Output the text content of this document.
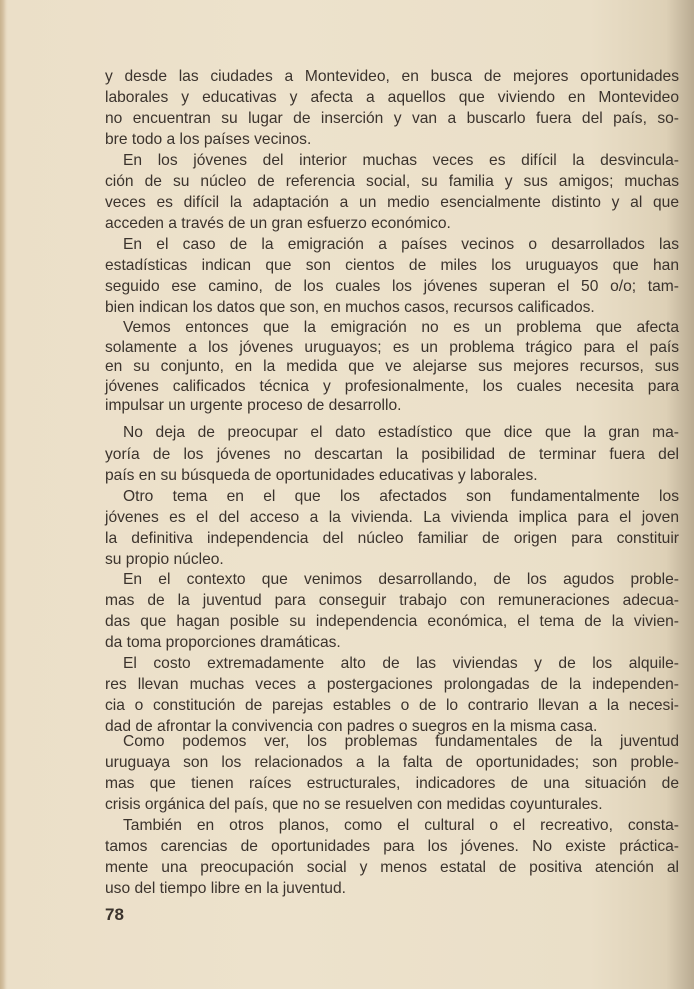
y desde las ciudades a Montevideo, en busca de mejores oportunidades
laborales y educativas y afecta a aquellos que viviendo en Montevideo
no encuentran su lugar de inserción y van a buscarlo fuera del país, so-
bre todo a los países vecinos.
En los jóvenes del interior muchas veces es difícil la desvincula-
ción de su núcleo de referencia social, su familia y sus amigos; muchas
veces es difícil la adaptación a un medio esencialmente distinto y al que
acceden a través de un gran esfuerzo económico.
En el caso de la emigración a países vecinos o desarrollados las
estadísticas indican que son cientos de miles los uruguayos que han
seguido ese camino, de los cuales los jóvenes superan el 50 o/o; tam-
bien indican los datos que son, en muchos casos, recursos calificados.
Vemos entonces que la emigración no es un problema que afecta
solamente a los jóvenes uruguayos; es un problema trágico para el país
en su conjunto, en la medida que ve alejarse sus mejores recursos, sus
jóvenes calificados técnica y profesionalmente, los cuales necesita para
impulsar un urgente proceso de desarrollo.
No deja de preocupar el dato estadístico que dice que la gran ma-
yoría de los jóvenes no descartan la posibilidad de terminar fuera del
país en su búsqueda de oportunidades educativas y laborales.
Otro tema en el que los afectados son fundamentalmente los
jóvenes es el del acceso a la vivienda. La vivienda implica para el joven
la definitiva independencia del núcleo familiar de origen para constituir
su propio núcleo.
En el contexto que venimos desarrollando, de los agudos proble-
mas de la juventud para conseguir trabajo con remuneraciones adecua-
das que hagan posible su independencia económica, el tema de la vivien-
da toma proporciones dramáticas.
El costo extremadamente alto de las viviendas y de los alquile-
res llevan muchas veces a postergaciones prolongadas de la independen-
cia o constitución de parejas estables o de lo contrario llevan a la necesi-
dad de afrontar la convivencia con padres o suegros en la misma casa.
Como podemos ver, los problemas fundamentales de la juventud
uruguaya son los relacionados a la falta de oportunidades; son proble-
mas que tienen raíces estructurales, indicadores de una situación de
crisis orgánica del país, que no se resuelven con medidas coyunturales.
También en otros planos, como el cultural o el recreativo, consta-
tamos carencias de oportunidades para los jóvenes. No existe práctica-
mente una preocupación social y menos estatal de positiva atención al
uso del tiempo libre en la juventud.
78
